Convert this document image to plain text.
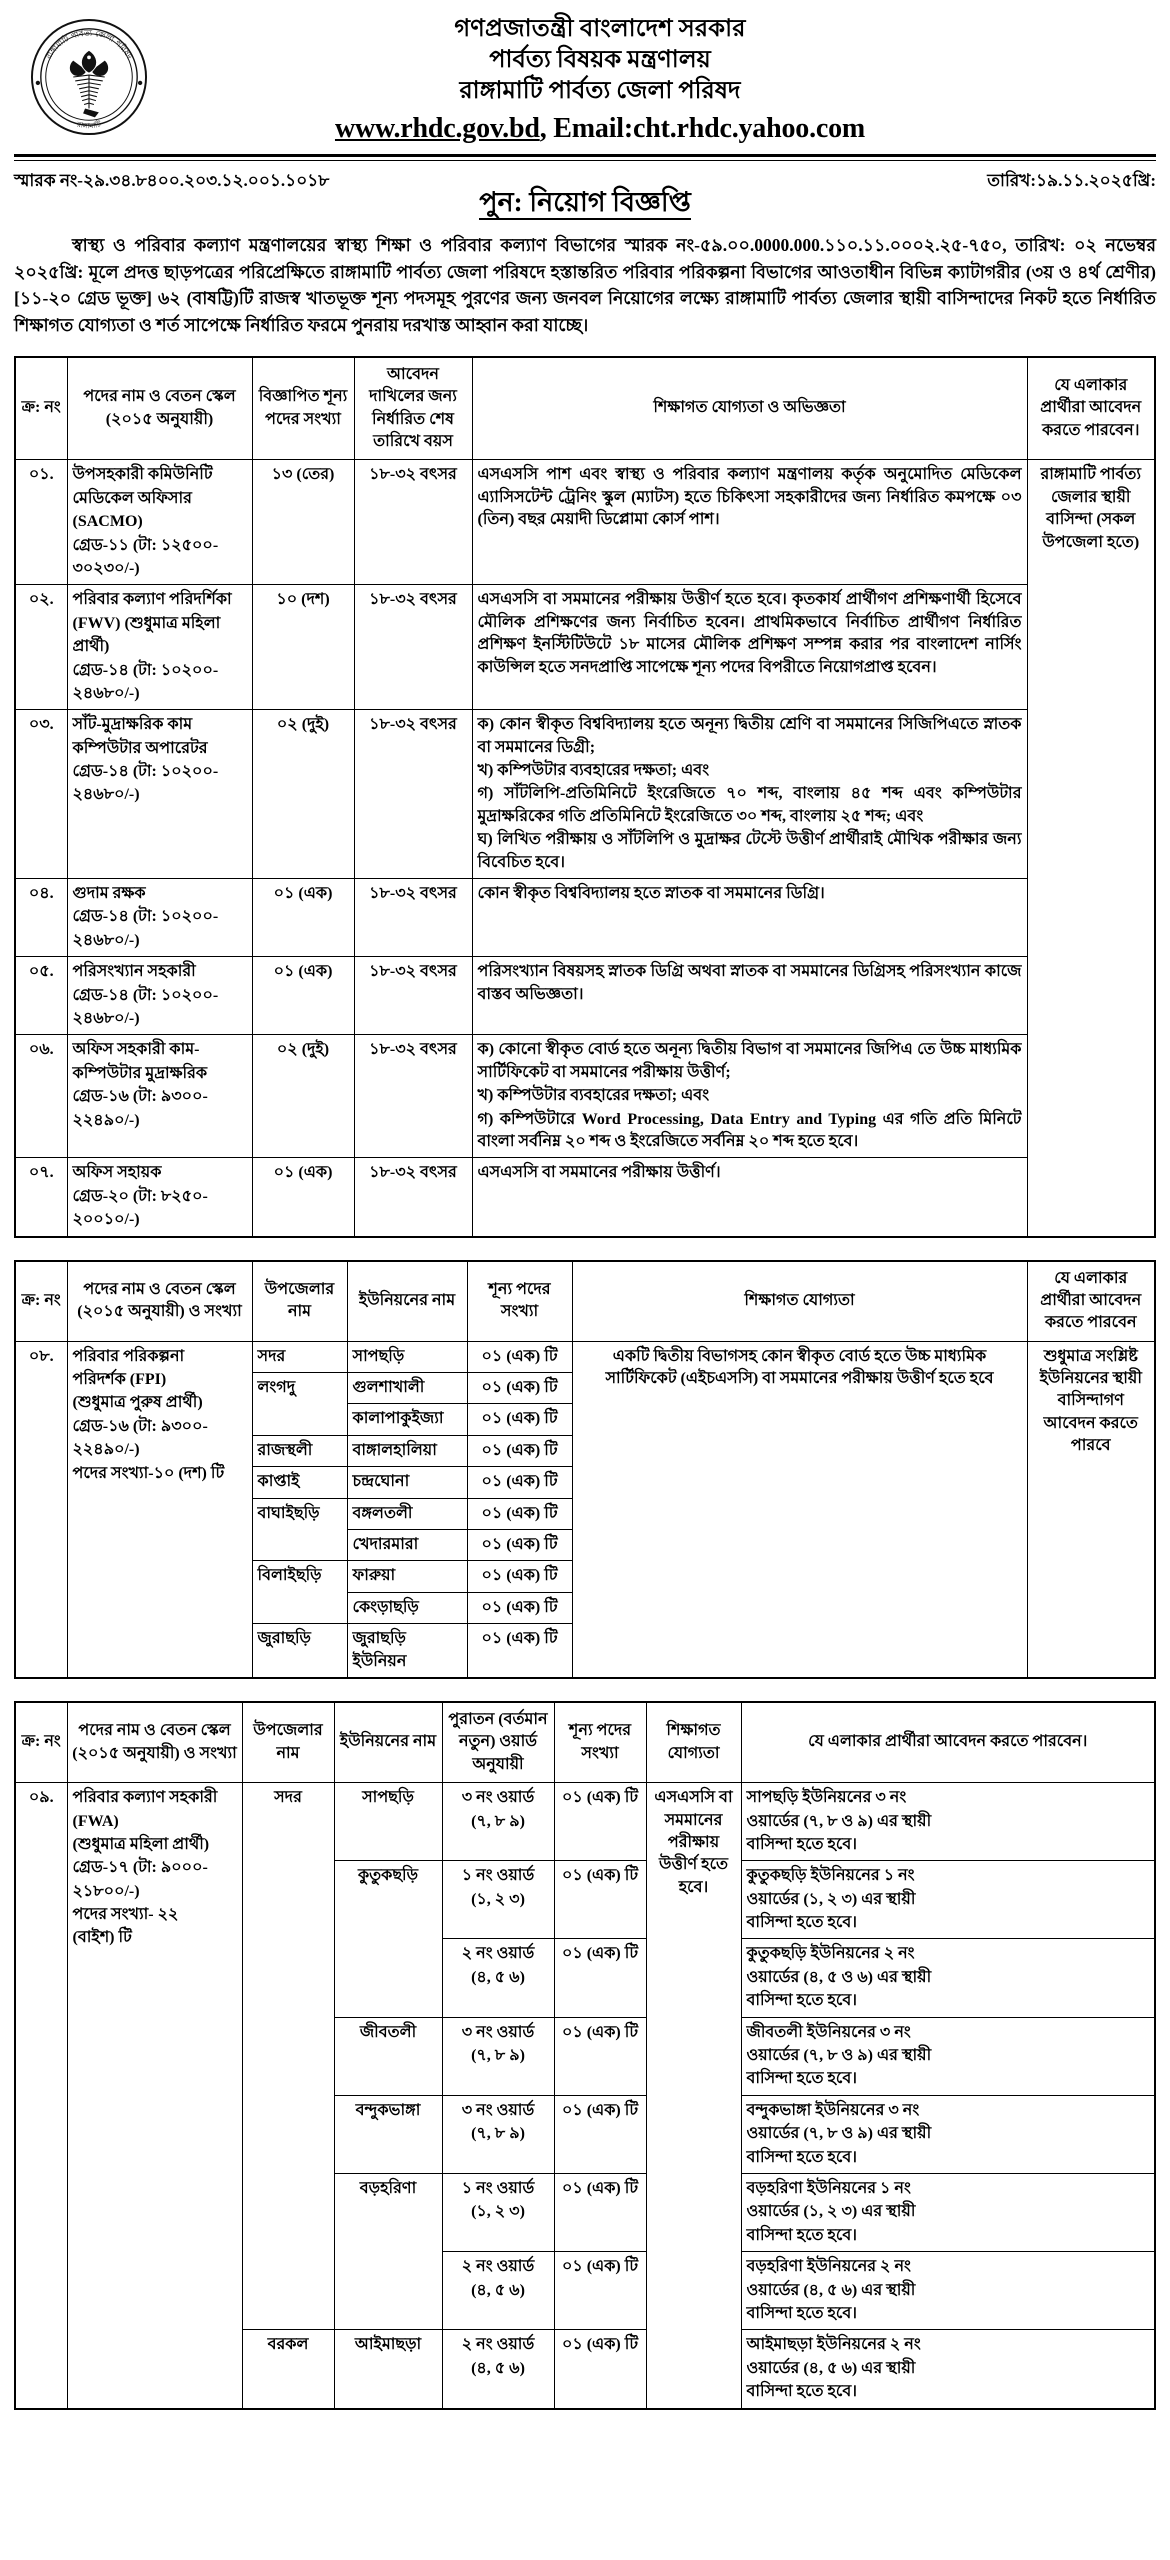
রাঙ্গামাটি পার্বত্য জেলা পরিষদ
রাঙ্গামাটি
গণপ্রজাতন্ত্রী বাংলাদেশ সরকার
পার্বত্য বিষয়ক মন্ত্রণালয়
রাঙ্গামাটি পার্বত্য জেলা পরিষদ
www.rhdc.gov.bd, Email:cht.rhdc.yahoo.com
স্মারক নং-২৯.৩৪.৮৪০০.২০৩.১২.০০১.১০১৮	তারিখ:১৯.১১.২০২৫খ্রি:
পুন: নিয়োগ বিজ্ঞপ্তি

স্বাস্থ্য ও পরিবার কল্যাণ মন্ত্রণালয়ের স্বাস্থ্য শিক্ষা ও পরিবার কল্যাণ বিভাগের স্মারক নং-৫৯.০০.0000.000.১১০.১১.০০০২.২৫-৭৫০, তারিখ: ০২ নভেম্বর ২০২৫খ্রি: মূলে প্রদত্ত ছাড়পত্রের পরিপ্রেক্ষিতে রাঙ্গামাটি পার্বত্য জেলা পরিষদে হস্তান্তরিত পরিবার পরিকল্পনা বিভাগের আওতাধীন বিভিন্ন ক্যাটাগরীর (৩য় ও ৪র্থ শ্রেণীর) [১১-২০ গ্রেড ভূক্ত] ৬২ (বাষট্টি)টি রাজস্ব খাতভূক্ত শূন্য পদসমূহ পুরণের জন্য জনবল নিয়োগের লক্ষ্যে রাঙ্গামাটি পার্বত্য জেলার স্থায়ী বাসিন্দাদের নিকট হতে নির্ধারিত শিক্ষাগত যোগ্যতা ও শর্ত সাপেক্ষে নির্ধারিত ফরমে পুনরায় দরখাস্ত আহ্বান করা যাচ্ছে।

ক্র: নং	পদের নাম ও বেতন স্কেল (২০১৫ অনুযায়ী)	বিজ্ঞাপিত শূন্য পদের সংখ্যা	আবেদন দাখিলের জন্য নির্ধারিত শেষ তারিখে বয়স	শিক্ষাগত যোগ্যতা ও অভিজ্ঞতা	যে এলাকার প্রার্থীরা আবেদন করতে পারবেন।
০১.	উপসহকারী কমিউনিটি
মেডিকেল অফিসার
(SACMO)
গ্রেড-১১ (টা: ১২৫০০-
৩০২৩০/-)	১৩ (তের)	১৮-৩২ বৎসর	এসএসসি পাশ এবং স্বাস্থ্য ও পরিবার কল্যাণ মন্ত্রণালয় কর্তৃক অনুমোদিত মেডিকেল এ্যাসিসটেন্ট ট্রেনিং স্কুল (ম্যাটস) হতে চিকিৎসা সহকারীদের জন্য নির্ধারিত কমপক্ষে ০৩ (তিন) বছর মেয়াদী ডিপ্লোমা কোর্স পাশ।	রাঙ্গামাটি পার্বত্য জেলার স্থায়ী বাসিন্দা (সকল উপজেলা হতে)
০২.	পরিবার কল্যাণ পরিদর্শিকা
(FWV) (শুধুমাত্র মহিলা
প্রার্থী)
গ্রেড-১৪ (টা: ১০২০০-
২৪৬৮০/-)
	১০ (দশ)	১৮-৩২ বৎসর	এসএসসি বা সমমানের পরীক্ষায় উত্তীর্ণ হতে হবে। কৃতকার্য প্রার্থীগণ প্রশিক্ষণার্থী হিসেবে মৌলিক প্রশিক্ষণের জন্য নির্বাচিত হবেন। প্রাথমিকভাবে নির্বাচিত প্রার্থীগণ নির্ধারিত প্রশিক্ষণ ইনস্টিটিউটে ১৮ মাসের মৌলিক প্রশিক্ষণ সম্পন্ন করার পর বাংলাদেশ নার্সিং কাউন্সিল হতে সনদপ্রাপ্তি সাপেক্ষে শূন্য পদের বিপরীতে নিয়োগপ্রাপ্ত হবেন।

০৩.	সাঁট-মুদ্রাক্ষরিক কাম
কম্পিউটার অপারেটর
গ্রেড-১৪ (টা: ১০২০০-
২৪৬৮০/-)
	০২ (দুই)	১৮-৩২ বৎসর	ক) কোন স্বীকৃত বিশ্ববিদ্যালয় হতে অনূন্য দ্বিতীয় শ্রেণি বা সমমানের সিজিপিএতে স্নাতক বা সমমানের ডিগ্রী;
খ) কম্পিউটার ব্যবহারের দক্ষতা; এবং
গ) সাঁটলিপি-প্রতিমিনিটে ইংরেজিতে ৭০ শব্দ, বাংলায় ৪৫ শব্দ এবং কম্পিউটার মুদ্রাক্ষরিকের গতি প্রতিমিনিটে ইংরেজিতে ৩০ শব্দ, বাংলায় ২৫ শব্দ; এবং
ঘ) লিখিত পরীক্ষায় ও সাঁটলিপি ও মুদ্রাক্ষর টেস্টে উত্তীর্ণ প্রার্থীরাই মৌখিক পরীক্ষার জন্য বিবেচিত হবে।

০৪.	গুদাম রক্ষক
গ্রেড-১৪ (টা: ১০২০০-
২৪৬৮০/-)	০১ (এক)	১৮-৩২ বৎসর	কোন স্বীকৃত বিশ্ববিদ্যালয় হতে স্নাতক বা সমমানের ডিগ্রি।	

০৫.	পরিসংখ্যান সহকারী
গ্রেড-১৪ (টা: ১০২০০-
২৪৬৮০/-)	০১ (এক)	১৮-৩২ বৎসর	পরিসংখ্যান বিষয়সহ স্নাতক ডিগ্রি অথবা স্নাতক বা সমমানের ডিগ্রিসহ পরিসংখ্যান কাজে বাস্তব অভিজ্ঞতা।	

০৬.	অফিস সহকারী কাম-
কম্পিউটার মুদ্রাক্ষরিক
গ্রেড-১৬ (টা: ৯৩০০-
২২৪৯০/-)
	০২ (দুই)	১৮-৩২ বৎসর	ক) কোনো স্বীকৃত বোর্ড হতে অনূন্য দ্বিতীয় বিভাগ বা সমমানের জিপিএ তে উচ্চ মাধ্যমিক সার্টিফিকেট বা সমমানের পরীক্ষায় উত্তীর্ণ;
খ) কম্পিউটার ব্যবহারের দক্ষতা; এবং
গ) কম্পিউটারে Word Processing, Data Entry and Typing এর গতি প্রতি মিনিটে বাংলা সর্বনিম্ন ২০ শব্দ ও ইংরেজিতে সর্বনিম্ন ২০ শব্দ হতে হবে।

০৭.	অফিস সহায়ক
গ্রেড-২০ (টা: ৮২৫০-
২০০১০/-)	০১ (এক)	১৮-৩২ বৎসর	এসএসসি বা সমমানের পরীক্ষায় উত্তীর্ণ।	
ক্র: নং	পদের নাম ও বেতন স্কেল (২০১৫ অনুযায়ী) ও সংখ্যা	উপজেলার নাম	ইউনিয়নের নাম	শূন্য পদের সংখ্যা	শিক্ষাগত যোগ্যতা	যে এলাকার প্রার্থীরা আবেদন করতে পারবেন
০৮.	পরিবার পরিকল্পনা
পরিদর্শক (FPI)
(শুধুমাত্র পুরুষ প্রার্থী)
গ্রেড-১৬ (টা: ৯৩০০-
২২৪৯০/-)
পদের সংখ্যা-১০ (দশ) টি
	সদর	সাপছড়ি	০১ (এক) টি	একটি দ্বিতীয় বিভাগসহ কোন স্বীকৃত বোর্ড হতে উচ্চ মাধ্যমিক সার্টিফিকেট (এইচএসসি) বা সমমানের পরীক্ষায় উত্তীর্ণ হতে হবে	শুধুমাত্র সংশ্লিষ্ট ইউনিয়নের স্থায়ী বাসিন্দাগণ আবেদন করতে পারবে
		লংগদু	গুলশাখালী	০১ (এক) টি		
			কালাপাকুইজ্যা	০১ (এক) টি		
		রাজস্থলী	বাঙ্গালহালিয়া	০১ (এক) টি		
		কাপ্তাই	চন্দ্রঘোনা	০১ (এক) টি		
		বাঘাইছড়ি	বঙ্গলতলী	০১ (এক) টি		
			খেদারমারা	০১ (এক) টি		
		বিলাইছড়ি	ফারুয়া	০১ (এক) টি		
			কেংড়াছড়ি	০১ (এক) টি		
		জুরাছড়ি	জুরাছড়ি ইউনিয়ন	০১ (এক) টি		
ক্র: নং	পদের নাম ও বেতন স্কেল (২০১৫ অনুযায়ী) ও সংখ্যা	উপজেলার নাম	ইউনিয়নের নাম	পুরাতন (বর্তমান নতুন) ওয়ার্ড অনুযায়ী	শূন্য পদের সংখ্যা	শিক্ষাগত যোগ্যতা	যে এলাকার প্রার্থীরা আবেদন করতে পারবেন।
০৯.	পরিবার কল্যাণ সহকারী
(FWA)
(শুধুমাত্র মহিলা প্রার্থী)
গ্রেড-১৭ (টা: ৯০০০-
২১৮০০/-)
পদের সংখ্যা- ২২
(বাইশ) টি
	সদর	সাপছড়ি	৩ নং ওয়ার্ড
(৭, ৮ ৯)
	০১ (এক) টি	এসএসসি বা সমমানের পরীক্ষায় উত্তীর্ণ হতে হবে।	
সাপছড়ি ইউনিয়নের ৩ নং
ওয়ার্ডের (৭, ৮ ও ৯) এর স্থায়ী
বাসিন্দা হতে হবে।

			কুতুকছড়ি	১ নং ওয়ার্ড
(১, ২ ৩)	০১ (এক) টি		কুতুকছড়ি ইউনিয়নের ১ নং
ওয়ার্ডের (১, ২ ৩) এর স্থায়ী
বাসিন্দা হতে হবে।

				২ নং ওয়ার্ড
(৪, ৫ ৬)	০১ (এক) টি		কুতুকছড়ি ইউনিয়নের ২ নং
ওয়ার্ডের (৪, ৫ ও ৬) এর স্থায়ী
বাসিন্দা হতে হবে।

			জীবতলী	৩ নং ওয়ার্ড
(৭, ৮ ৯)	০১ (এক) টি		জীবতলী ইউনিয়নের ৩ নং
ওয়ার্ডের (৭, ৮ ও ৯) এর স্থায়ী
বাসিন্দা হতে হবে।

			বন্দুকভাঙ্গা	৩ নং ওয়ার্ড
(৭, ৮ ৯)	০১ (এক) টি		বন্দুকভাঙ্গা ইউনিয়নের ৩ নং
ওয়ার্ডের (৭, ৮ ও ৯) এর স্থায়ী
বাসিন্দা হতে হবে।

			বড়হরিণা	১ নং ওয়ার্ড
(১, ২ ৩)	০১ (এক) টি		বড়হরিণা ইউনিয়নের ১ নং
ওয়ার্ডের (১, ২ ৩) এর স্থায়ী
বাসিন্দা হতে হবে।

				২ নং ওয়ার্ড
(৪, ৫ ৬)	০১ (এক) টি		বড়হরিণা ইউনিয়নের ২ নং
ওয়ার্ডের (৪, ৫ ৬) এর স্থায়ী
বাসিন্দা হতে হবে।

		বরকল	আইমাছড়া	২ নং ওয়ার্ড
(৪, ৫ ৬)	০১ (এক) টি		আইমাছড়া ইউনিয়নের ২ নং
ওয়ার্ডের (৪, ৫ ৬) এর স্থায়ী
বাসিন্দা হতে হবে।
